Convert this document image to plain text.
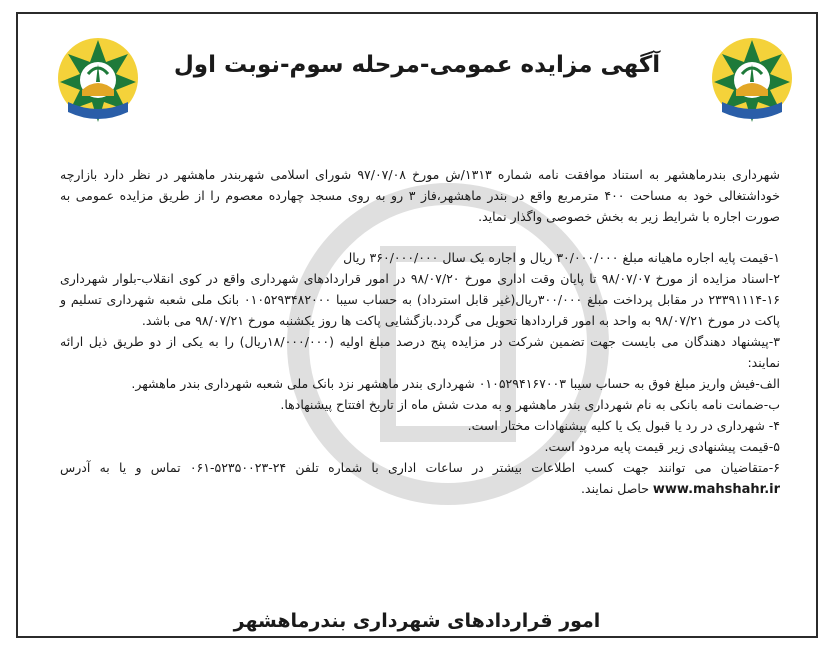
آگهی مزایده عمومی-مرحله سوم-نوبت اول

شهرداری بندرماهشهر به استناد موافقت نامه شماره ۱۳۱۳/ش مورخ ۹۷/۰۷/۰۸ شورای اسلامی شهربندر ماهشهر در نظر دارد بازارچه خوداشتغالی خود به مساحت ۴۰۰ مترمربع واقع در بندر ماهشهر،فاز ۳ رو به روی مسجد چهارده معصوم را از طریق مزایده عمومی به صورت اجاره با شرایط زیر به بخش خصوصی واگذار نماید.

۱-قیمت پایه اجاره ماهیانه مبلغ ۳۰/۰۰۰/۰۰۰ ریال و اجاره یک سال ۳۶۰/۰۰۰/۰۰۰ ریال

۲-اسناد مزایده از مورخ ۹۸/۰۷/۰۷ تا پایان وقت اداری مورخ ۹۸/۰۷/۲۰ در امور قراردادهای شهرداری واقع در کوی انقلاب-بلوار شهرداری ۱۶-۲۳۳۹۱۱۱۴ در مقابل پرداخت مبلغ ۳۰۰/۰۰۰ریال(غیر قابل استرداد) به حساب سیبا ۰۱۰۵۲۹۳۴۸۲۰۰۰ بانک ملی شعبه شهرداری تسلیم و پاکت در مورخ ۹۸/۰۷/۲۱ به واحد به امور قراردادها تحویل می گردد.بازگشایی پاکت ها روز یکشنبه مورخ ۹۸/۰۷/۲۱ می باشد.

۳-پیشنهاد دهندگان می بایست جهت تضمین شرکت در مزایده پنج درصد مبلغ اولیه (۱۸/۰۰۰/۰۰۰ریال) را به یکی از دو طریق ذیل ارائه نمایند:

الف-فیش واریز مبلغ فوق به حساب سیبا ۰۱۰۵۲۹۴۱۶۷۰۰۳ شهرداری بندر ماهشهر نزد بانک ملی شعبه شهرداری بندر ماهشهر.

ب-ضمانت نامه بانکی به نام شهرداری بندر ماهشهر و به مدت شش ماه از تاریخ افتتاح پیشنهادها.

۴- شهرداری در رد یا قبول یک یا کلیه پیشنهادات مختار است.

۵-قیمت پیشنهادی زیر قیمت پایه مردود است.

۶-متقاضیان می توانند جهت کسب اطلاعات بیشتر در ساعات اداری با شماره تلفن ۲۴-۵۲۳۵۰۰۲۳-۰۶۱ تماس و یا به آدرس www.mahshahr.ir حاصل نمایند.

امور قراردادهای شهرداری بندرماهشهر
